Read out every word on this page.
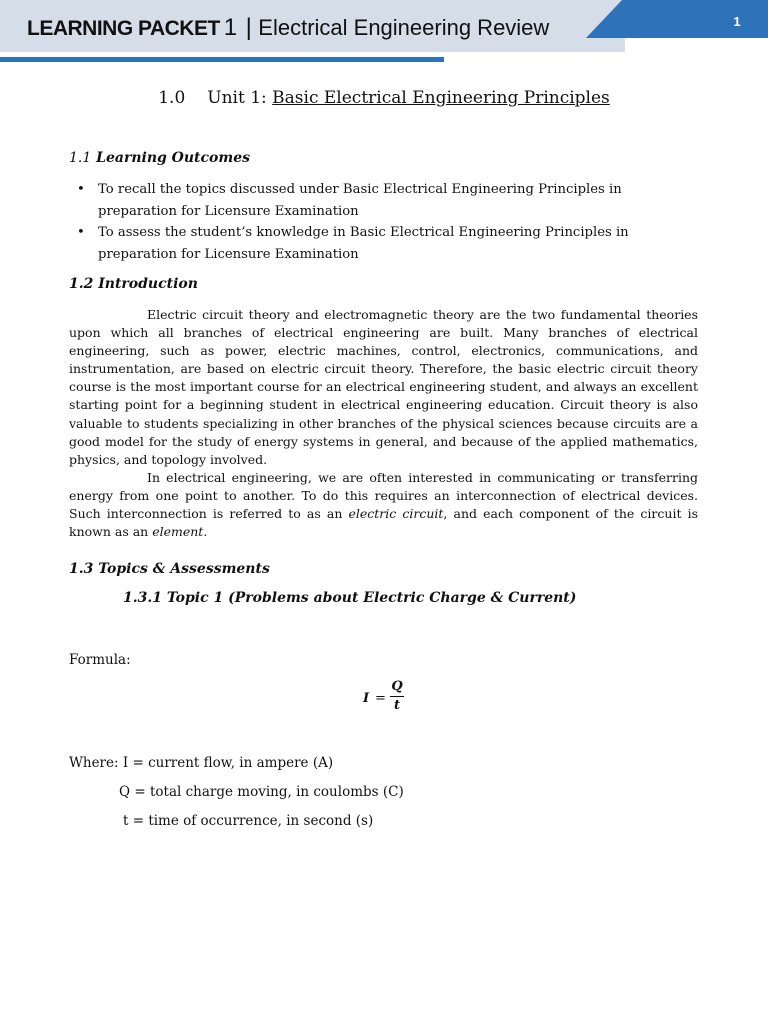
1
LEARNING PACKET 1 | Electrical Engineering Review
1.0 Unit 1: Basic Electrical Engineering Principles
1.1 Learning Outcomes
• To recall the topics discussed under Basic Electrical Engineering Principles in
preparation for Licensure Examination
• To assess the student’s knowledge in Basic Electrical Engineering Principles in
preparation for Licensure Examination
1.2 Introduction

Electric circuit theory and electromagnetic theory are the two fundamental theories upon which all branches of electrical engineering are built. Many branches of electrical engineering, such as power, electric machines, control, electronics, communications, and instrumentation, are based on electric circuit theory. Therefore, the basic electric circuit theory course is the most important course for an electrical engineering student, and always an excellent starting point for a beginning student in electrical engineering education. Circuit theory is also valuable to students specializing in other branches of the physical sciences because circuits are a good model for the study of energy systems in general, and because of the applied mathematics, physics, and topology involved.

In electrical engineering, we are often interested in communicating or transferring energy from one point to another. To do this requires an interconnection of electrical devices. Such interconnection is referred to as an electric circuit, and each component of the circuit is known as an element.

1.3 Topics & Assessments
1.3.1 Topic 1 (Problems about Electric Charge & Current)
Formula:
I =
Q
t
Where: I = current flow, in ampere (A)
Q = total charge moving, in coulombs (C)
t = time of occurrence, in second (s)
